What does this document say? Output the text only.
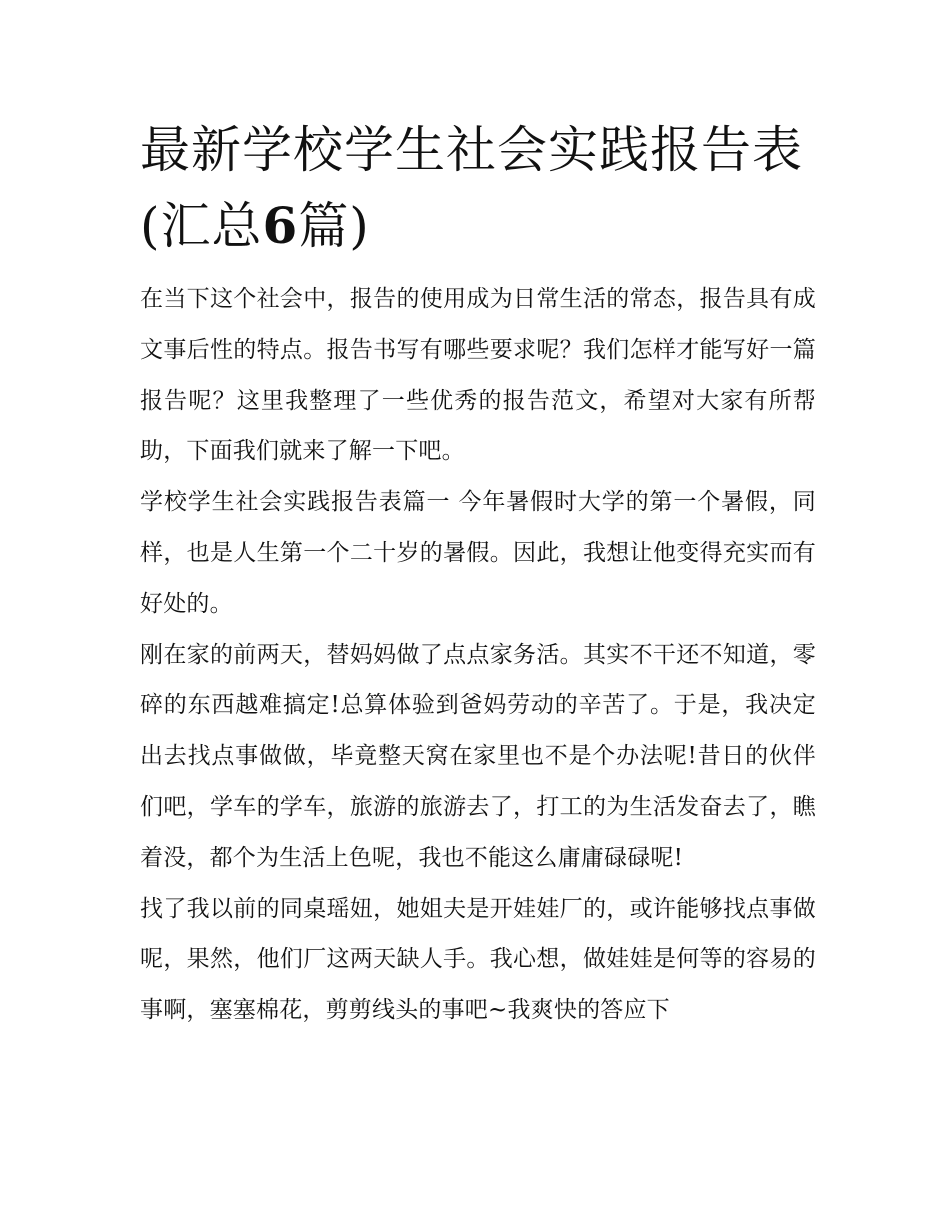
最新学校学生社会实践报告表
(汇总6篇)

在当下这个社会中，报告的使用成为日常生活的常态，报告具有成文事后性的特点。报告书写有哪些要求呢？我们怎样才能写好一篇报告呢？这里我整理了一些优秀的报告范文，希望对大家有所帮助，下面我们就来了解一下吧。

学校学生社会实践报告表篇一 今年暑假时大学的第一个暑假，同样，也是人生第一个二十岁的暑假。因此，我想让他变得充实而有好处的。

刚在家的前两天，替妈妈做了点点家务活。其实不干还不知道，零碎的东西越难搞定!总算体验到爸妈劳动的辛苦了。于是，我决定出去找点事做做，毕竟整天窝在家里也不是个办法呢!昔日的伙伴们吧，学车的学车，旅游的旅游去了，打工的为生活发奋去了，瞧着没，都个为生活上色呢，我也不能这么庸庸碌碌呢!

找了我以前的同桌瑶妞，她姐夫是开娃娃厂的，或许能够找点事做呢，果然，他们厂这两天缺人手。我心想，做娃娃是何等的容易的事啊，塞塞棉花，剪剪线头的事吧~我爽快的答应下
